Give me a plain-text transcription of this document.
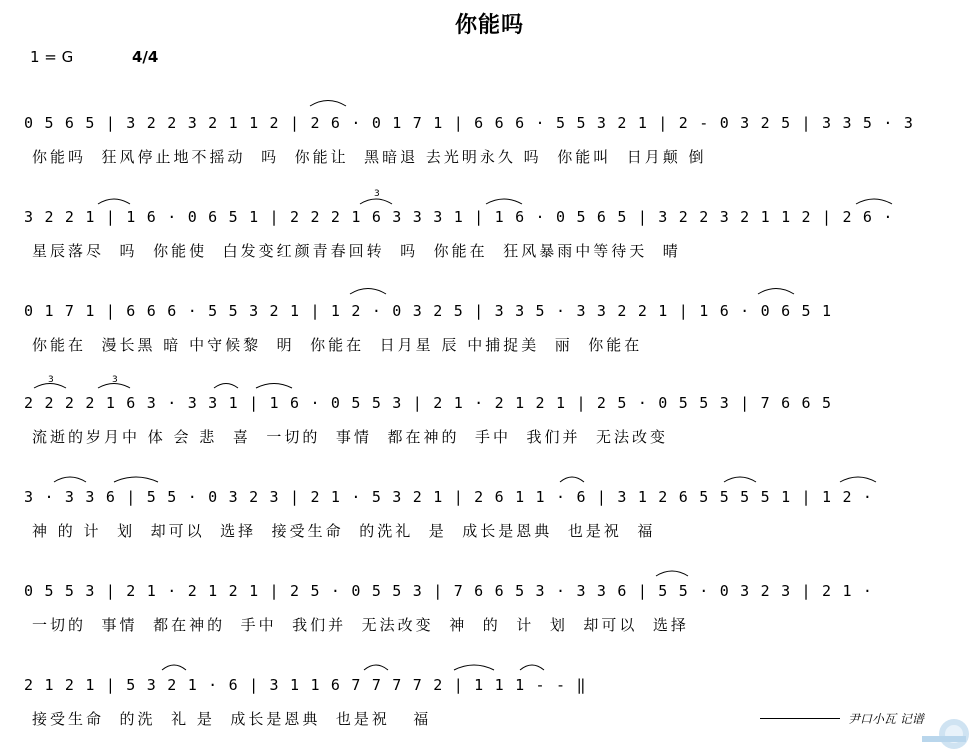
你能吗
1 = G	4/4
0 5 6 5 | 3 2 2 3 2 1 1 2 | 2 6 · 0 1 7 1 | 6 6 6 · 5 5 3 2 1 | 2 - 0 3 2 5 | 3 3 5 · 3
你能吗  狂风停止地不摇动  吗  你能让  黑暗退 去光明永久 吗  你能叫  日月颠 倒
3
3 2 2 1 | 1 6 · 0 6 5 1 | 2 2 2 1 6 3 3 3 1 | 1 6 · 0 5 6 5 | 3 2 2 3 2 1 1 2 | 2 6 ·
星辰落尽  吗  你能使  白发变红颜青春回转  吗  你能在  狂风暴雨中等待天  晴
0 1 7 1 | 6 6 6 · 5 5 3 2 1 | 1 2 · 0 3 2 5 | 3 3 5 · 3 3 2 2 1 | 1 6 · 0 6 5 1
你能在  漫长黑 暗 中守候黎  明  你能在  日月星 辰 中捕捉美  丽  你能在
3	3
2 2 2 2 1 6 3 · 3 3 1 | 1 6 · 0 5 5 3 | 2 1 · 2 1 2 1 | 2 5 · 0 5 5 3 | 7 6 6 5
流逝的岁月中 体 会 悲  喜  一切的  事情  都在神的  手中  我们并  无法改变
3 · 3 3 6 | 5 5 · 0 3 2 3 | 2 1 · 5 3 2 1 | 2 6 1 1 · 6 | 3 1 2 6 5 5 5 5 1 | 1 2 ·
神 的 计  划  却可以  选择  接受生命  的洗礼  是  成长是恩典  也是祝  福
0 5 5 3 | 2 1 · 2 1 2 1 | 2 5 · 0 5 5 3 | 7 6 6 5 3 · 3 3 6 | 5 5 · 0 3 2 3 | 2 1 ·
一切的  事情  都在神的  手中  我们并  无法改变  神  的  计  划  却可以  选择
2 1 2 1 | 5 3 2 1 · 6 | 3 1 1 6 7 7 7 7 2 | 1 1 1 - - ‖
接受生命  的洗  礼 是  成长是恩典  也是祝   福	尹口小瓦 记谱
